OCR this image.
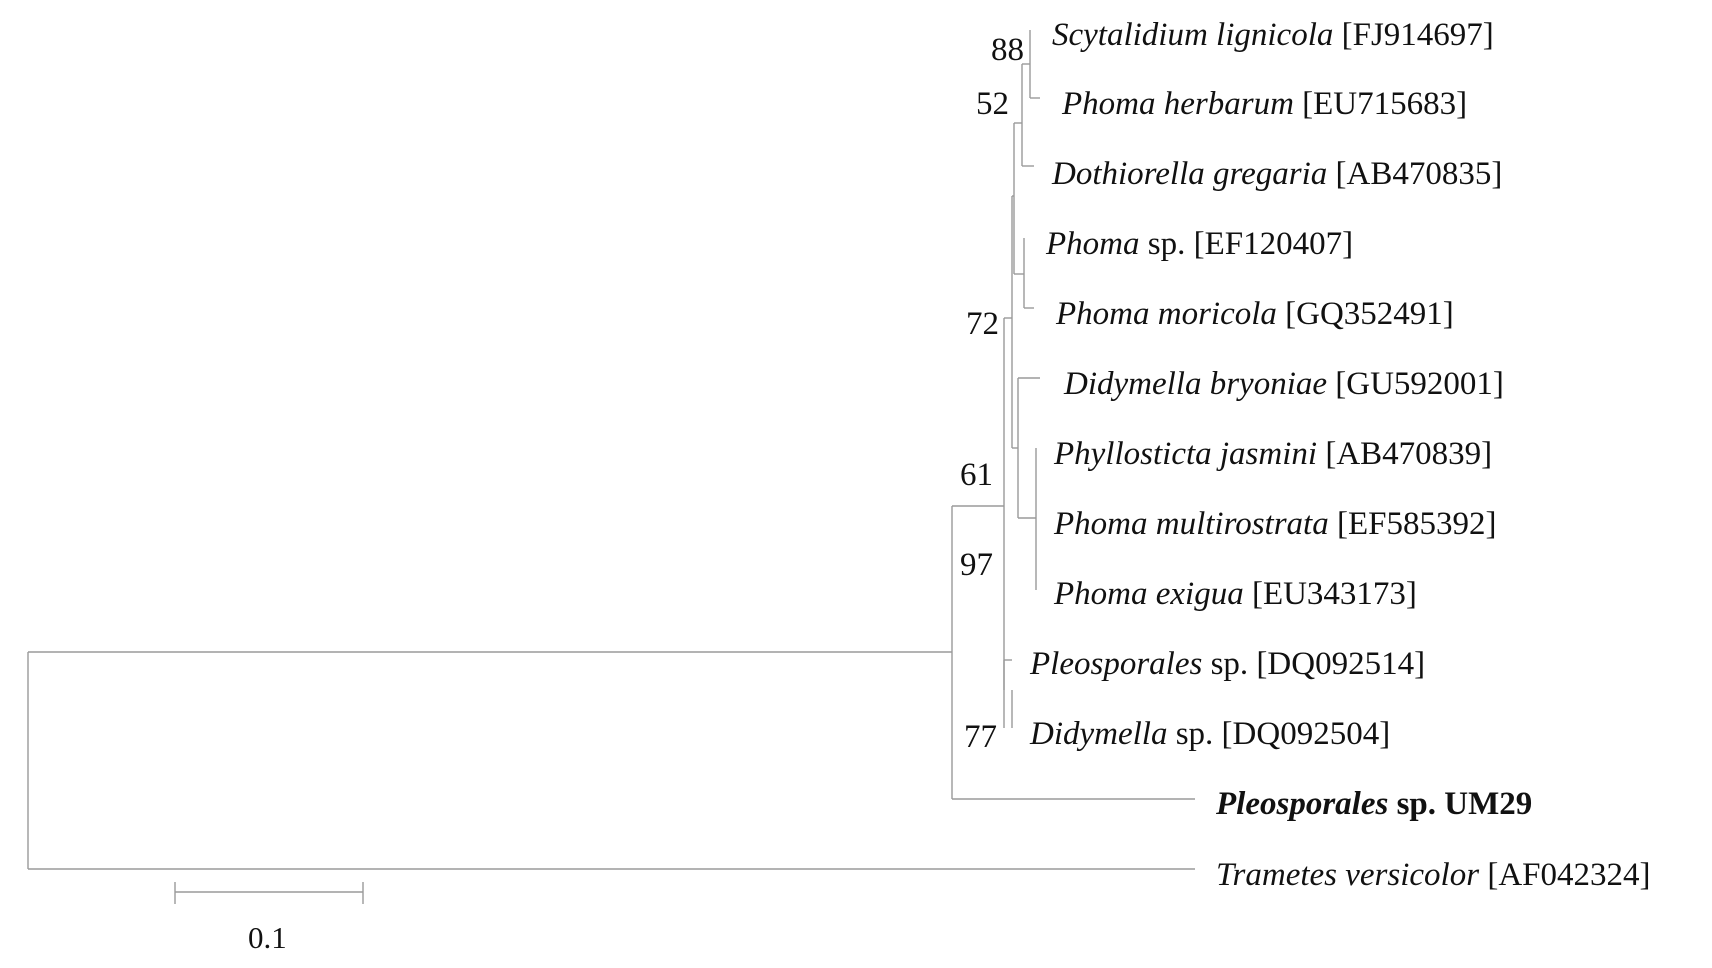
88
52
72
61
97
77
Scytalidium lignicola [FJ914697]
Phoma herbarum [EU715683]
Dothiorella gregaria [AB470835]
Phoma sp. [EF120407]
Phoma moricola [GQ352491]
Didymella bryoniae [GU592001]
Phyllosticta jasmini [AB470839]
Phoma multirostrata [EF585392]
Phoma exigua [EU343173]
Pleosporales sp. [DQ092514]
Didymella sp. [DQ092504]
Pleosporales sp. UM29
Trametes versicolor [AF042324]
0.1
